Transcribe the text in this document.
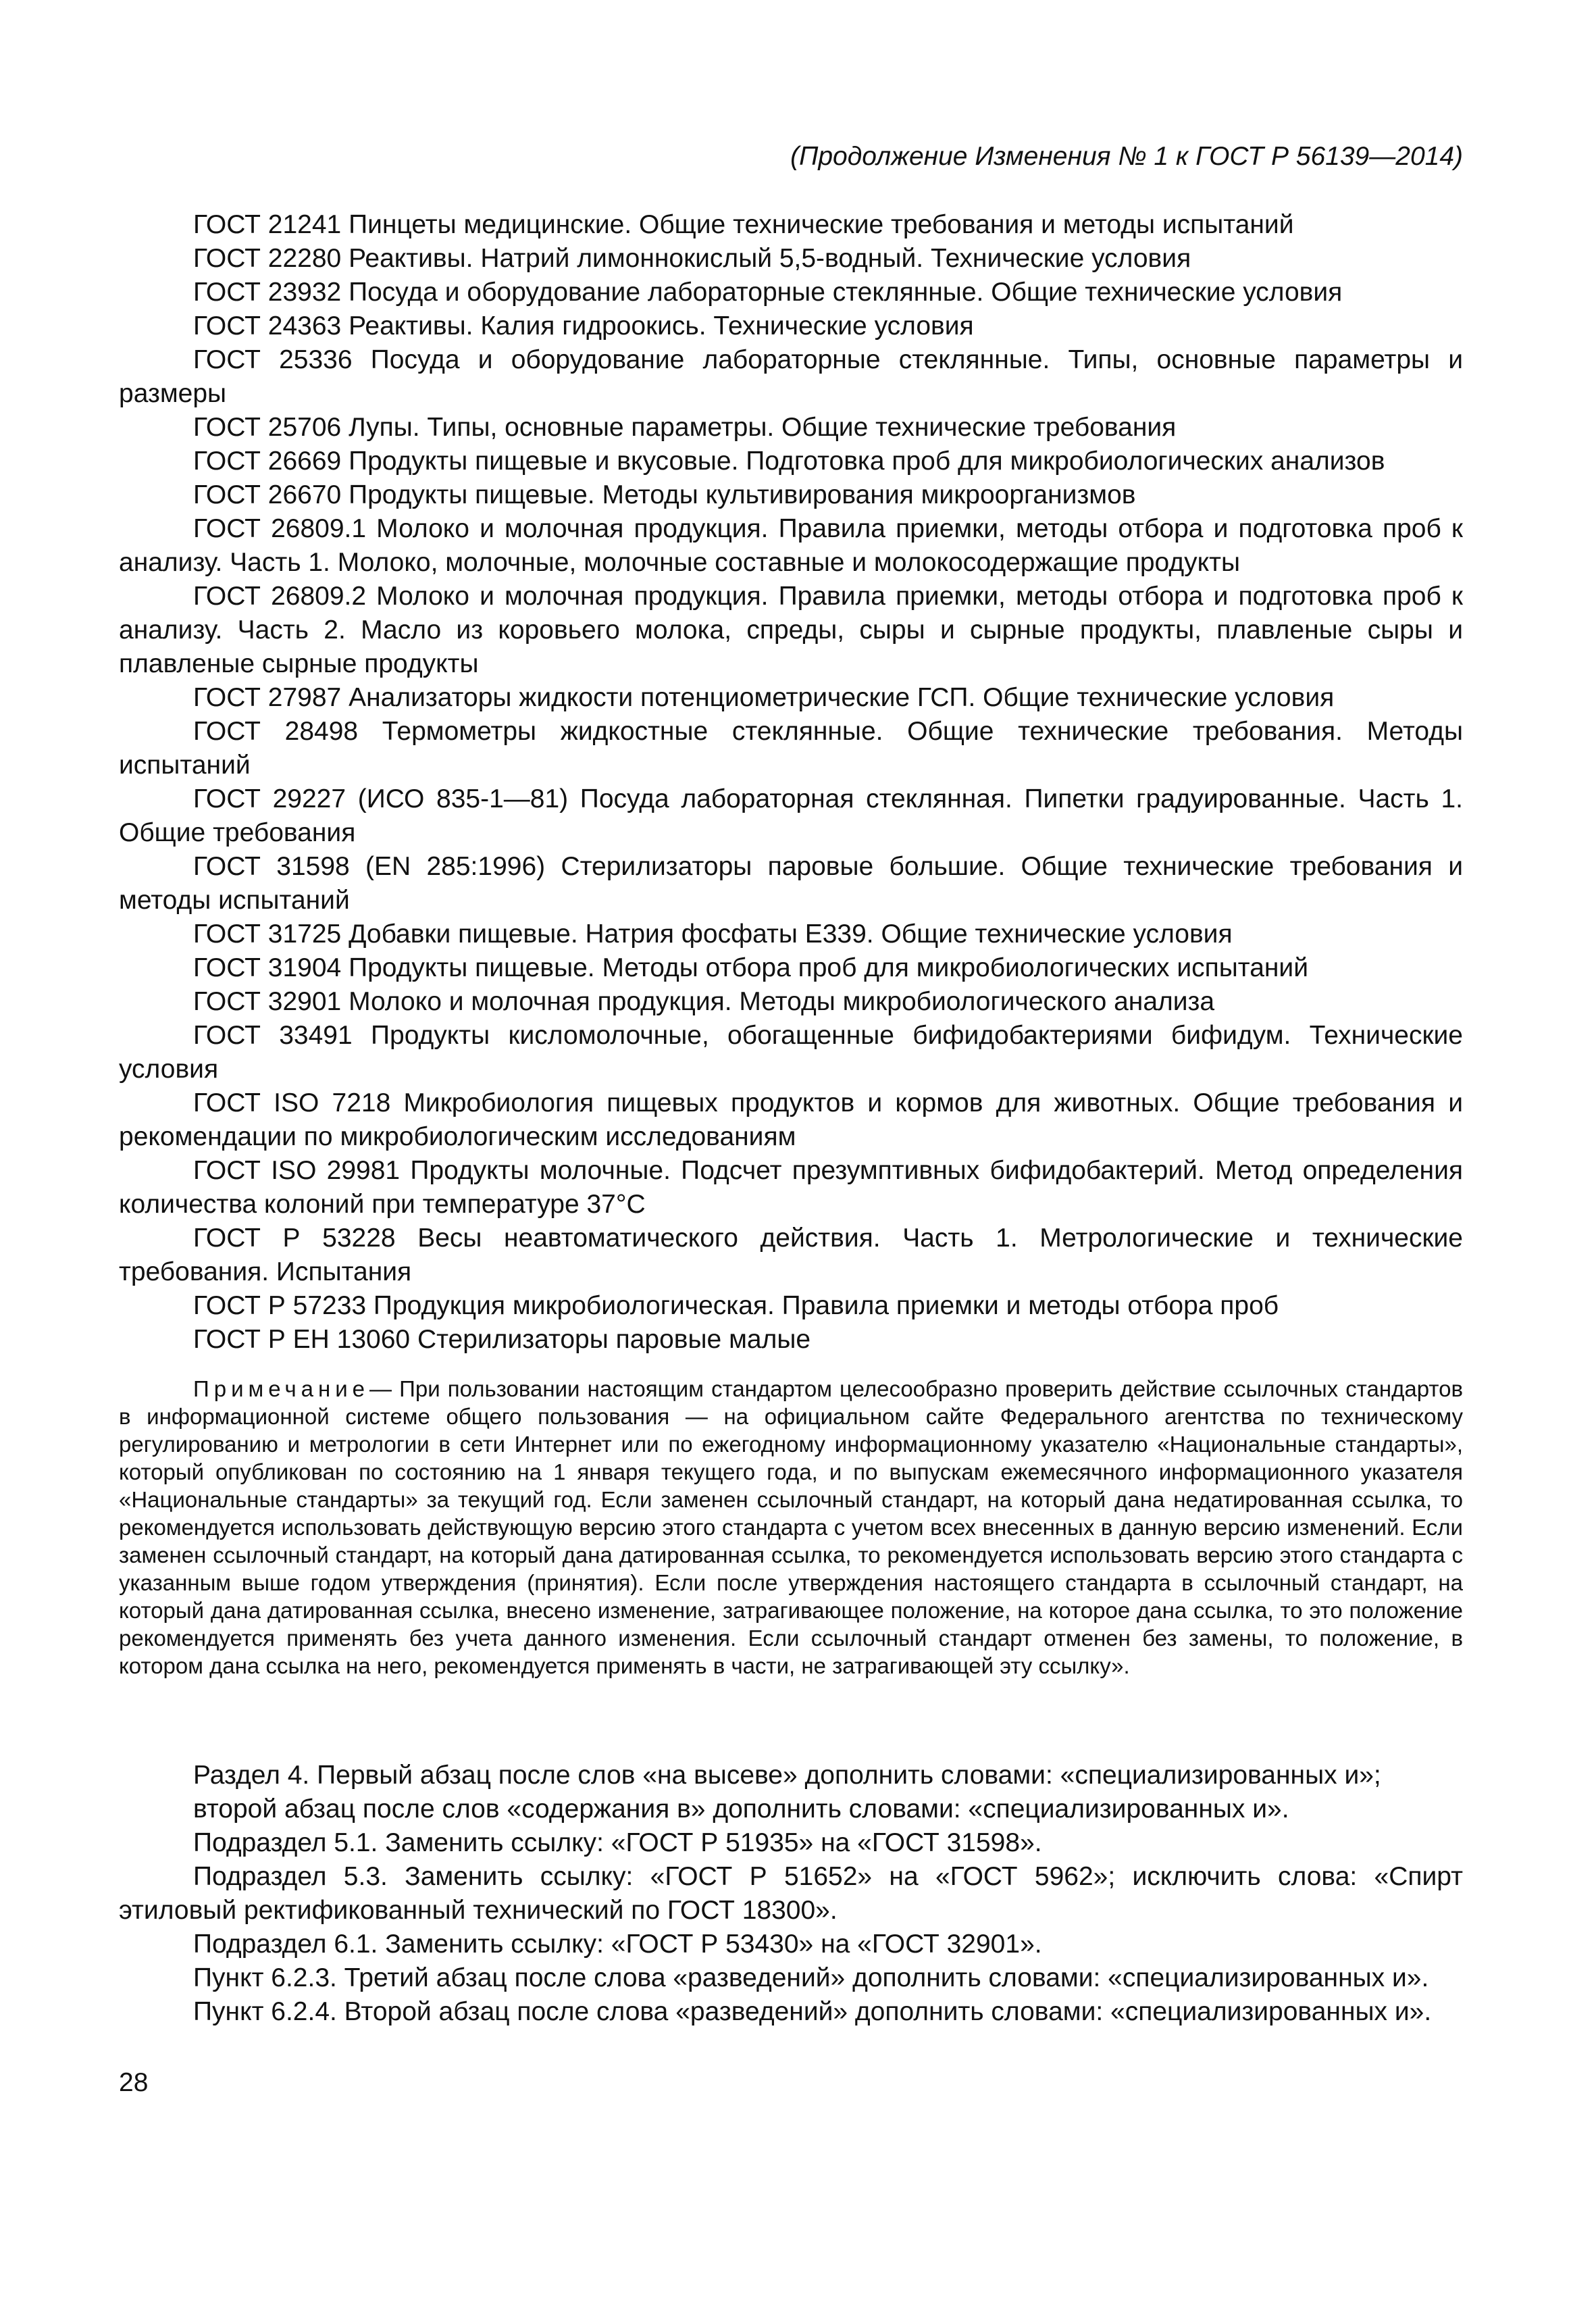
(Продолжение Изменения № 1 к ГОСТ Р 56139—2014)

ГОСТ 21241 Пинцеты медицинские. Общие технические требования и методы испытаний

ГОСТ 22280 Реактивы. Натрий лимоннокислый 5,5-водный. Технические условия

ГОСТ 23932 Посуда и оборудование лабораторные стеклянные. Общие технические условия

ГОСТ 24363 Реактивы. Калия гидроокись. Технические условия

ГОСТ 25336 Посуда и оборудование лабораторные стеклянные. Типы, основные параметры и размеры

ГОСТ 25706 Лупы. Типы, основные параметры. Общие технические требования

ГОСТ 26669 Продукты пищевые и вкусовые. Подготовка проб для микробиологических анализов

ГОСТ 26670 Продукты пищевые. Методы культивирования микроорганизмов

ГОСТ 26809.1 Молоко и молочная продукция. Правила приемки, методы отбора и подготовка проб к анализу. Часть 1. Молоко, молочные, молочные составные и молокосодержащие продукты

ГОСТ 26809.2 Молоко и молочная продукция. Правила приемки, методы отбора и подготовка проб к анализу. Часть 2. Масло из коровьего молока, спреды, сыры и сырные продукты, плавленые сыры и плавленые сырные продукты

ГОСТ 27987 Анализаторы жидкости потенциометрические ГСП. Общие технические условия

ГОСТ 28498 Термометры жидкостные стеклянные. Общие технические требования. Методы испытаний

ГОСТ 29227 (ИСО 835-1—81) Посуда лабораторная стеклянная. Пипетки градуированные. Часть 1. Общие требования

ГОСТ 31598 (EN 285:1996) Стерилизаторы паровые большие. Общие технические требования и методы испытаний

ГОСТ 31725 Добавки пищевые. Натрия фосфаты Е339. Общие технические условия

ГОСТ 31904 Продукты пищевые. Методы отбора проб для микробиологических испытаний

ГОСТ 32901 Молоко и молочная продукция. Методы микробиологического анализа

ГОСТ 33491 Продукты кисломолочные, обогащенные бифидобактериями бифидум. Технические условия

ГОСТ ISO 7218 Микробиология пищевых продуктов и кормов для животных. Общие требования и рекомендации по микробиологическим исследованиям

ГОСТ ISO 29981 Продукты молочные. Подсчет презумптивных бифидобактерий. Метод определения количества колоний при температуре 37°C

ГОСТ Р 53228 Весы неавтоматического действия. Часть 1. Метрологические и технические требования. Испытания

ГОСТ Р 57233 Продукция микробиологическая. Правила приемки и методы отбора проб

ГОСТ Р ЕН 13060 Стерилизаторы паровые малые

Примечание— При пользовании настоящим стандартом целесообразно проверить действие ссылочных стандартов в информационной системе общего пользования — на официальном сайте Федерального агентства по техническому регулированию и метрологии в сети Интернет или по ежегодному информационному указателю «Национальные стандарты», который опубликован по состоянию на 1 января текущего года, и по выпускам ежемесячного информационного указателя «Национальные стандарты» за текущий год. Если заменен ссылочный стандарт, на который дана недатированная ссылка, то рекомендуется использовать действующую версию этого стандарта с учетом всех внесенных в данную версию изменений. Если заменен ссылочный стандарт, на который дана датированная ссылка, то рекомендуется использовать версию этого стандарта с указанным выше годом утверждения (принятия). Если после утверждения настоящего стандарта в ссылочный стандарт, на который дана датированная ссылка, внесено изменение, затрагивающее положение, на которое дана ссылка, то это положение рекомендуется применять без учета данного изменения. Если ссылочный стандарт отменен без замены, то положение, в котором дана ссылка на него, рекомендуется применять в части, не затрагивающей эту ссылку».

Раздел 4. Первый абзац после слов «на высеве» дополнить словами: «специализированных и»;

второй абзац после слов «содержания в» дополнить словами: «специализированных и».

Подраздел 5.1. Заменить ссылку: «ГОСТ Р 51935» на «ГОСТ 31598».

Подраздел 5.3. Заменить ссылку: «ГОСТ Р 51652» на «ГОСТ 5962»; исключить слова: «Спирт этиловый ректификованный технический по ГОСТ 18300».

Подраздел 6.1. Заменить ссылку: «ГОСТ Р 53430» на «ГОСТ 32901».

Пункт 6.2.3. Третий абзац после слова «разведений» дополнить словами: «специализированных и».

Пункт 6.2.4. Второй абзац после слова «разведений» дополнить словами: «специализированных и».

28
